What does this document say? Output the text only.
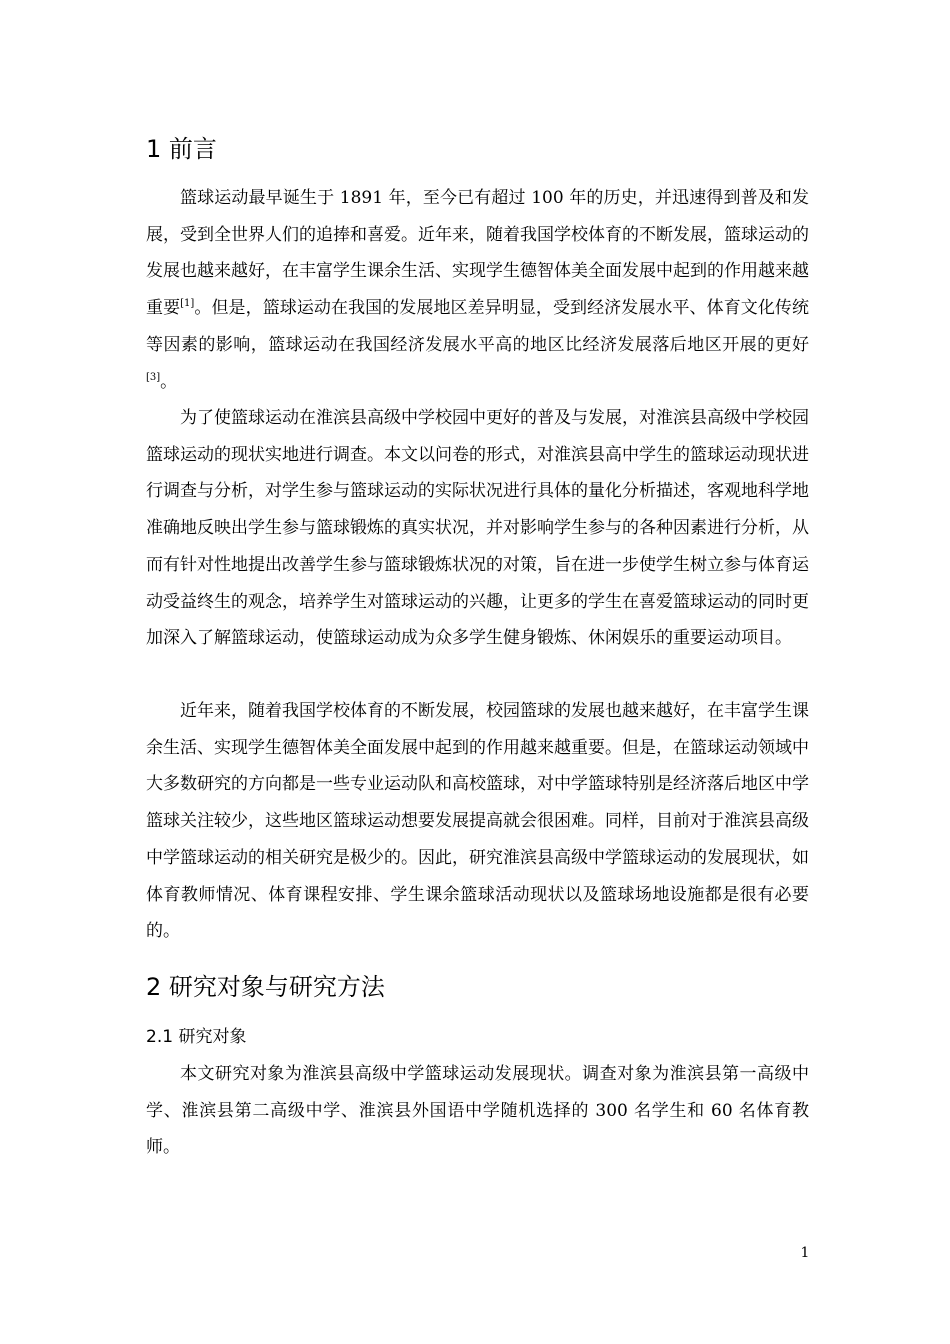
1 前言

篮球运动最早诞生于 1891 年，至今已有超过 100 年的历史，并迅速得到普及和发展，受到全世界人们的追捧和喜爱。近年来，随着我国学校体育的不断发展，篮球运动的发展也越来越好，在丰富学生课余生活、实现学生德智体美全面发展中起到的作用越来越重要[1]。但是，篮球运动在我国的发展地区差异明显，受到经济发展水平、体育文化传统等因素的影响，篮球运动在我国经济发展水平高的地区比经济发展落后地区开展的更好[3]。

为了使篮球运动在淮滨县高级中学校园中更好的普及与发展，对淮滨县高级中学校园篮球运动的现状实地进行调查。本文以问卷的形式，对淮滨县高中学生的篮球运动现状进行调查与分析，对学生参与篮球运动的实际状况进行具体的量化分析描述，客观地科学地准确地反映出学生参与篮球锻炼的真实状况，并对影响学生参与的各种因素进行分析，从而有针对性地提出改善学生参与篮球锻炼状况的对策，旨在进一步使学生树立参与体育运动受益终生的观念，培养学生对篮球运动的兴趣，让更多的学生在喜爱篮球运动的同时更加深入了解篮球运动，使篮球运动成为众多学生健身锻炼、休闲娱乐的重要运动项目。

近年来，随着我国学校体育的不断发展，校园篮球的发展也越来越好，在丰富学生课余生活、实现学生德智体美全面发展中起到的作用越来越重要。但是，在篮球运动领域中大多数研究的方向都是一些专业运动队和高校篮球，对中学篮球特别是经济落后地区中学篮球关注较少，这些地区篮球运动想要发展提高就会很困难。同样，目前对于淮滨县高级中学篮球运动的相关研究是极少的。因此，研究淮滨县高级中学篮球运动的发展现状，如体育教师情况、体育课程安排、学生课余篮球活动现状以及篮球场地设施都是很有必要的。

2 研究对象与研究方法
2.1 研究对象

本文研究对象为淮滨县高级中学篮球运动发展现状。调查对象为淮滨县第一高级中学、淮滨县第二高级中学、淮滨县外国语中学随机选择的 300 名学生和 60 名体育教师。

1
